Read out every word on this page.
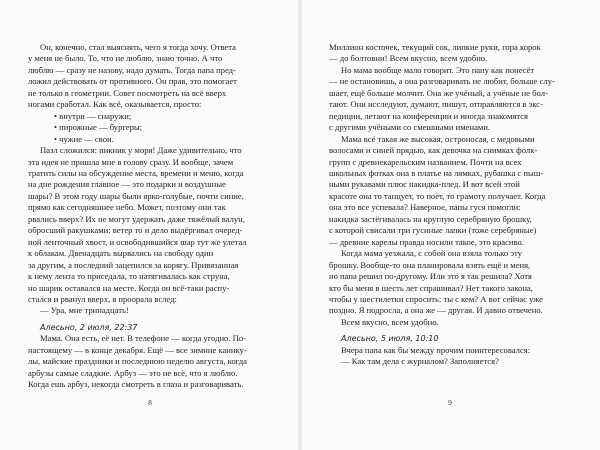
Он, конечно, стал выяснять, чего я тогда хочу. Ответа
у меня не было. То, что не люблю, знаю точно. А что
люблю — сразу не назову, надо думать. Тогда папа пред-
ложил действовать от противного. Он прав, это помогает
не только в геометрии. Совет посмотреть на всё вверх
ногами сработал. Как всё, оказывается, просто:
• внутри — снаружи;
• пирожные — бургеры;
• чужие — свои.
Пазл сложился: пикник у моря! Даже удивительно, что
эта идея не пришла мне в голову сразу. И вообще, зачем
тратить силы на обсуждение места, времени и меню, когда
на дне рождения главное — это подарки и воздушные
шары? В этом году шары были ярко-голубые, почти синие,
прямо как сегодняшнее небо. Может, поэтому они так
рвались вверх? Их не могут удержать даже тяжёлый валун,
обросший ракушками: ветер то и дело выдёргивал очеред-
ной ленточный хвост, и освободившийся шар тут же улетал
к облакам. Двенадцать вырвались на свободу один
за другим, а последний зацепился за корягу. Привязанная
к нему лента то приседала, то натягивалась как струна,
но шарик оставался на месте. Когда он всё-таки распу-
стался и рванул вверх, я проорала вслед:
— Ура, мне тринадцать!
Алесьно, 2 июля, 22:37
Мама. Она есть, её нет. В телефоне — когда угодно. По-
настоящему — в конце декабря. Ещё — все зимние канику-
лы, майские праздники и последнюю неделю августа, когда
арбузы самые сладкие. Арбуз — это не всё, что я люблю.
Когда ешь арбуз, некогда смотреть в глаза и разговаривать.
8
Миллион косточек, текущий сок, липкие руки, гора корок
— до болтовни! Всем вкусно, всем удобно.
Но мама вообще мало говорит. Это папу как понесёт
— не остановишь, а она разговаривать не любит, больше слу-
шает, ещё больше молчит. Она же учёный, а учёные не бол-
тают. Они исследуют, думают, пишут, отправляются в экс-
педиции, летают на конференции и иногда знакомятся
с другими учёными со смешными именами.
Мама всё такая же высокая, остроносая, с медовыми
волосами и синей прядью, как девочка на снимках фолк-
групп с древнекарельским названием. Почти на всех
школьных фотках она в платье на лямках, рубашка с пыш-
ными рукавами плюс накидка-плед. И вот всей этой
красоте она то танцует, то поёт, то грамоту получает. Когда
она это все успевала? Наверное, папы гуся помогли:
накидка застёгивалась на круглую серебряную брошку,
с которой свисали три гусиные лапки (тоже серебряные)
— древние карелы правда носили такое, это красиво.
Когда мама уезжала, с собой она взяла только эту
брошку. Вообще-то она планировала взять ещё и меня,
но папа решил по-другому. Или это я так решила? Хотя
кто бы меня в шесть лет спрашивал? Нет такого закона,
чтобы у шестилетки спросить: ты с кем? А вот сейчас уже
поздно. Я подросла, а она же — другая. И давно отвечено.
Всем вкусно, всем удобно.
Алесьно, 5 июля, 10:10
Вчера папа как бы между прочим поинтересовался:
— Как там дела с журналом? Заполняется?
9
